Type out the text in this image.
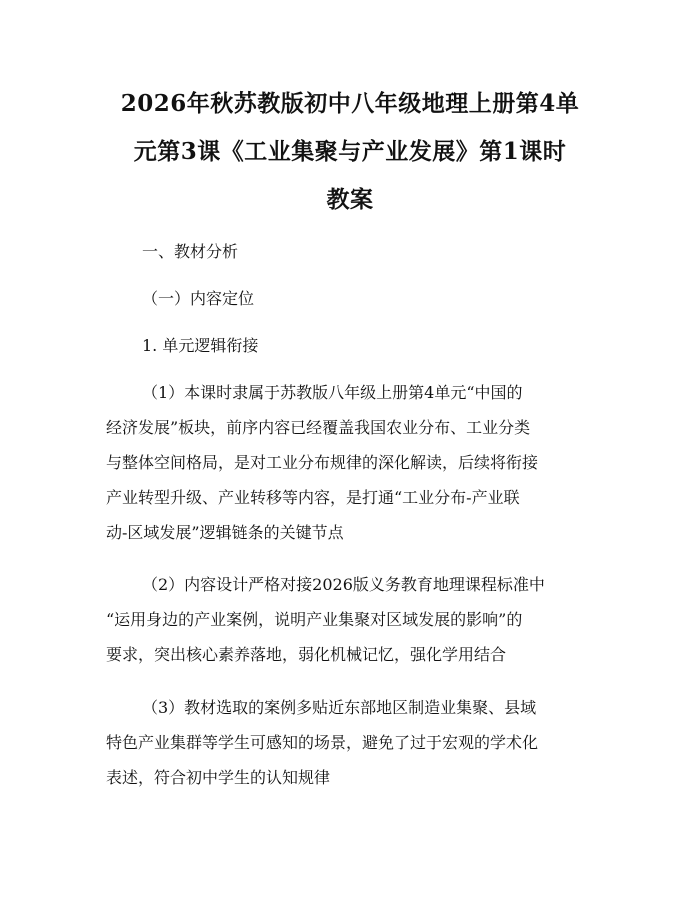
2026年秋苏教版初中八年级地理上册第4单
元第3课《工业集聚与产业发展》第1课时
教案
一、教材分析
（一）内容定位
1. 单元逻辑衔接
（1）本课时隶属于苏教版八年级上册第4单元“中国的
经济发展”板块，前序内容已经覆盖我国农业分布、工业分类
与整体空间格局，是对工业分布规律的深化解读，后续将衔接
产业转型升级、产业转移等内容，是打通“工业分布-产业联
动-区域发展”逻辑链条的关键节点
（2）内容设计严格对接2026版义务教育地理课程标准中
“运用身边的产业案例，说明产业集聚对区域发展的影响”的
要求，突出核心素养落地，弱化机械记忆，强化学用结合
（3）教材选取的案例多贴近东部地区制造业集聚、县域
特色产业集群等学生可感知的场景，避免了过于宏观的学术化
表述，符合初中学生的认知规律
